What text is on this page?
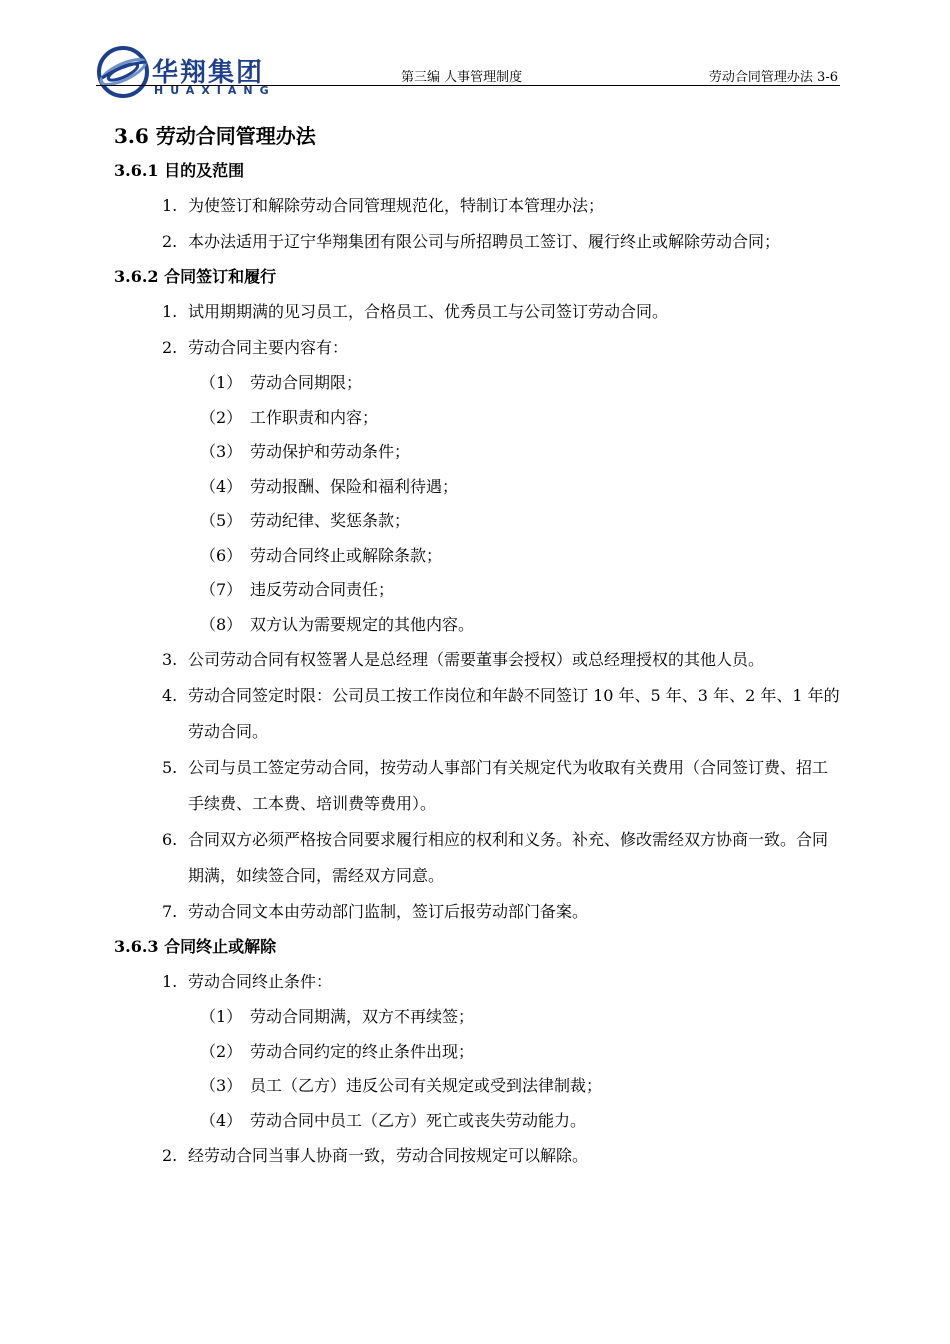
华翔集团
HUAXIANG
第三编 人事管理制度	劳动合同管理办法 3-6
3.6 劳动合同管理办法
3.6.1 目的及范围
1. 为使签订和解除劳动合同管理规范化，特制订本管理办法；
2. 本办法适用于辽宁华翔集团有限公司与所招聘员工签订、履行终止或解除劳动合同；
3.6.2 合同签订和履行
1. 试用期期满的见习员工，合格员工、优秀员工与公司签订劳动合同。
2. 劳动合同主要内容有：
（1） 劳动合同期限；
（2） 工作职责和内容；
（3） 劳动保护和劳动条件；
（4） 劳动报酬、保险和福利待遇；
（5） 劳动纪律、奖惩条款；
（6） 劳动合同终止或解除条款；
（7） 违反劳动合同责任；
（8） 双方认为需要规定的其他内容。
3. 公司劳动合同有权签署人是总经理（需要董事会授权）或总经理授权的其他人员。
4. 劳动合同签定时限：公司员工按工作岗位和年龄不同签订 10 年、5 年、3 年、2 年、1 年的劳动合同。
5. 公司与员工签定劳动合同，按劳动人事部门有关规定代为收取有关费用（合同签订费、招工手续费、工本费、培训费等费用）。
6. 合同双方必须严格按合同要求履行相应的权利和义务。补充、修改需经双方协商一致。合同期满，如续签合同，需经双方同意。
7. 劳动合同文本由劳动部门监制，签订后报劳动部门备案。
3.6.3 合同终止或解除
1. 劳动合同终止条件：
（1） 劳动合同期满，双方不再续签；
（2） 劳动合同约定的终止条件出现；
（3） 员工（乙方）违反公司有关规定或受到法律制裁；
（4） 劳动合同中员工（乙方）死亡或丧失劳动能力。
2. 经劳动合同当事人协商一致，劳动合同按规定可以解除。
